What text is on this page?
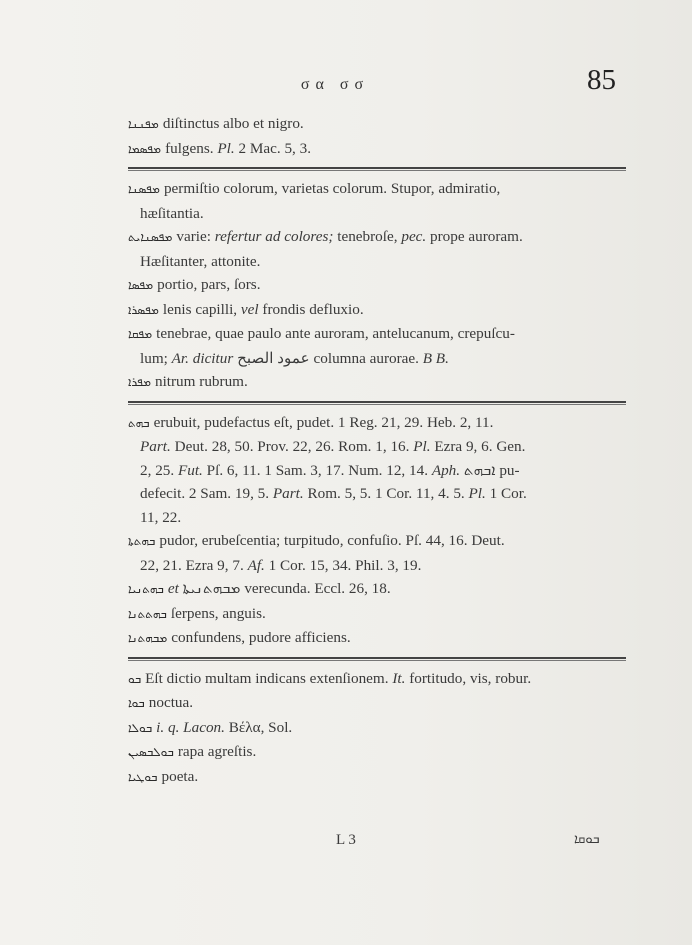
σα σσ	85
ܡܦܢܢܐ diſtinctus albo et nigro.
ܡܦܣܡܐ fulgens. Pl. 2 Mac. 5, 3.
ܡܦܣܢܐ permiſtio colorum, varietas colorum. Stupor, admiratio,
hæſitantia.
ܡܦܣܢܐܝܬ varie: refertur ad colores; tenebroſe, pec. prope auroram.
Hæſitanter, attonite.
ܡܦܣܐ portio, pars, ſors.
ܡܦܣܪܐ lenis capilli, vel frondis defluxio.
ܡܦܩܐ tenebrae, quae paulo ante auroram, antelucanum, crepuſcu-
lum; Ar. dicitur عمود الصبح columna aurorae. B B.
ܡܦܪܐ nitrum rubrum.
ܒܗܬ erubuit, pudefactus eſt, pudet. 1 Reg. 21, 29. Heb. 2, 11.
Part. Deut. 28, 50. Prov. 22, 26. Rom. 1, 16. Pl. Ezra 9, 6. Gen.
2, 25. Fut. Pſ. 6, 11. 1 Sam. 3, 17. Num. 12, 14. Aph. ܐܒܗܬ pu-
defecit. 2 Sam. 19, 5. Part. Rom. 5, 5. 1 Cor. 11, 4. 5. Pl. 1 Cor.
11, 22.
ܒܗܬܬܐ pudor, erubeſcentia; turpitudo, confuſio. Pſ. 44, 16. Deut.
22, 21. Ezra 9, 7. Af. 1 Cor. 15, 34. Phil. 3, 19.
ܒܗܬܢܝܐ et ܡܒܗܬܢܝܬܐ verecunda. Eccl. 26, 18.
ܒܗܬܬܢܐ ſerpens, anguis.
ܡܒܗܬܢܐ confundens, pudore afficiens.
ܒܘ Eſt dictio multam indicans extenſionem. It. fortitudo, vis, robur.
ܒܘܐ noctua.
ܒܘܠܐ i. q. Lacon. Βέλα, Sol.
ܒܘܠܒܣܝܢ rapa agreſtis.
ܒܘܛܝܐ poeta.
L 3	ܒܘܩܐ
